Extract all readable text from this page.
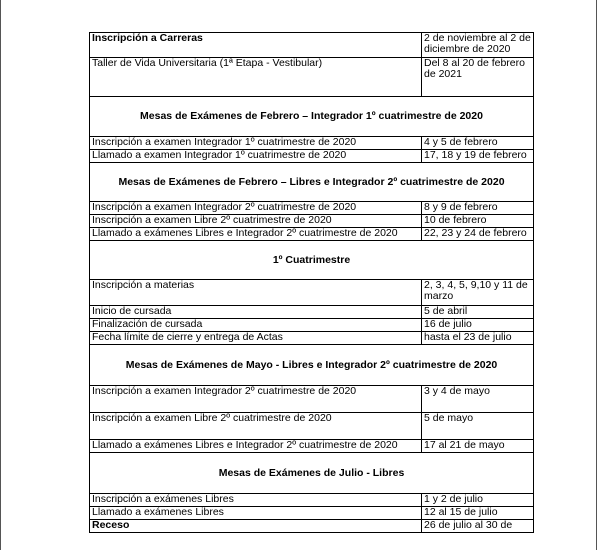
Inscripción a Carreras	2 de noviembre al 2 de diciembre de 2020
Taller de Vida Universitaria (1ª Etapa - Vestibular)	Del 8 al 20 de febrero de 2021
Mesas de Exámenes de Febrero – Integrador 1º cuatrimestre de 2020	
Inscripción a examen Integrador 1º cuatrimestre de 2020	4 y 5 de febrero
Llamado a examen Integrador 1º cuatrimestre de 2020	17, 18 y 19 de febrero
Mesas de Exámenes de Febrero – Libres e Integrador 2º cuatrimestre de 2020	
Inscripción a examen Integrador 2º cuatrimestre de 2020	8 y 9 de febrero
Inscripción a examen Libre 2º cuatrimestre de 2020	10 de febrero
Llamado a exámenes Libres e Integrador 2º cuatrimestre de 2020	22, 23 y 24 de febrero
1º Cuatrimestre	
Inscripción a materias	2, 3, 4, 5, 9,10 y 11 de marzo
Inicio de cursada	5 de abril
Finalización de cursada	16 de julio
Fecha límite de cierre y entrega de Actas	hasta el 23 de julio
Mesas de Exámenes de Mayo - Libres e Integrador 2º cuatrimestre de 2020	
Inscripción a examen Integrador 2º cuatrimestre de 2020	3 y 4 de mayo
Inscripción a examen Libre 2º cuatrimestre de 2020	5 de mayo
Llamado a exámenes Libres e Integrador 2º cuatrimestre de 2020	17 al 21 de mayo
Mesas de Exámenes de Julio - Libres	
Inscripción a exámenes Libres	1 y 2 de julio
Llamado a exámenes Libres	12 al 15 de julio
Receso	26 de julio al 30 de
